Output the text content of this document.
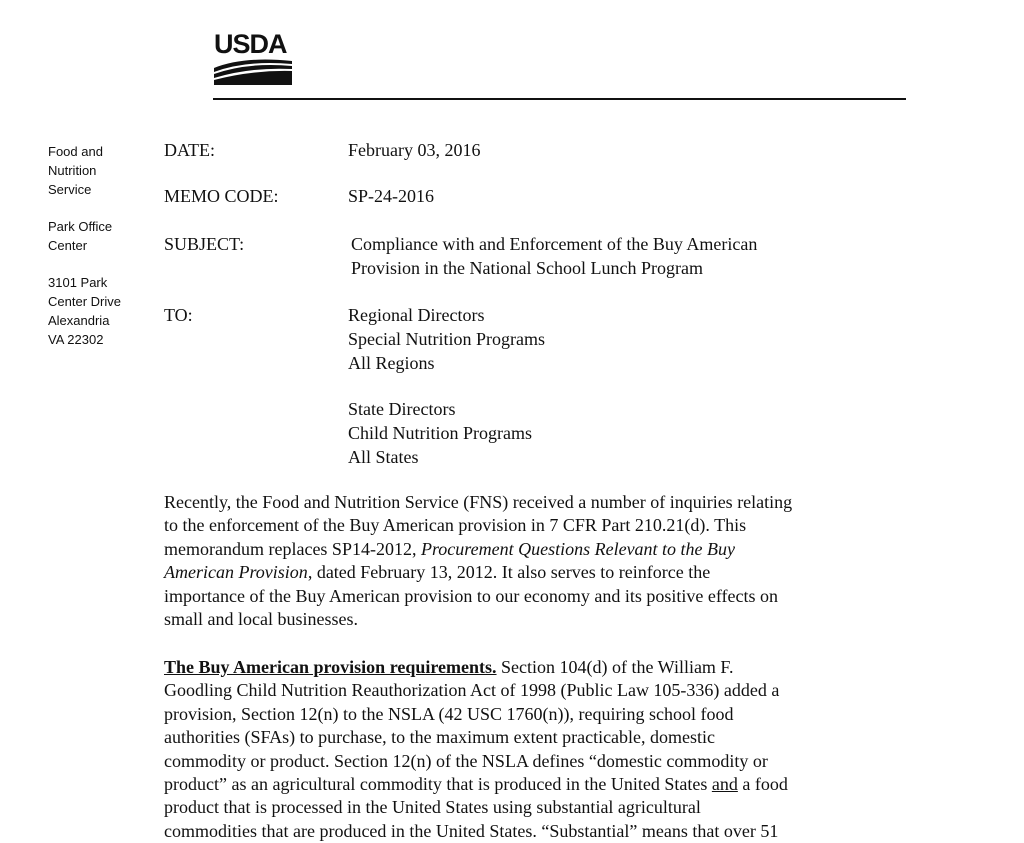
USDA

Food and
Nutrition
Service

Park Office
Center

3101 Park
Center Drive
Alexandria
VA 22302

DATE:	February 03, 2016
MEMO CODE:	SP-24-2016
SUBJECT:	Compliance with and Enforcement of the Buy American
Provision in the National School Lunch Program
TO:	Regional Directors
Special Nutrition Programs
All Regions
State Directors
Child Nutrition Programs
All States

Recently, the Food and Nutrition Service (FNS) received a number of inquiries relating

to the enforcement of the Buy American provision in 7 CFR Part 210.21(d). This

memorandum replaces SP14-2012, Procurement Questions Relevant to the Buy

American Provision, dated February 13, 2012. It also serves to reinforce the

importance of the Buy American provision to our economy and its positive effects on

small and local businesses.

The Buy American provision requirements. Section 104(d) of the William F.

Goodling Child Nutrition Reauthorization Act of 1998 (Public Law 105-336) added a

provision, Section 12(n) to the NSLA (42 USC 1760(n)), requiring school food

authorities (SFAs) to purchase, to the maximum extent practicable, domestic

commodity or product. Section 12(n) of the NSLA defines “domestic commodity or

product” as an agricultural commodity that is produced in the United States and a food

product that is processed in the United States using substantial agricultural

commodities that are produced in the United States. “Substantial” means that over 51
